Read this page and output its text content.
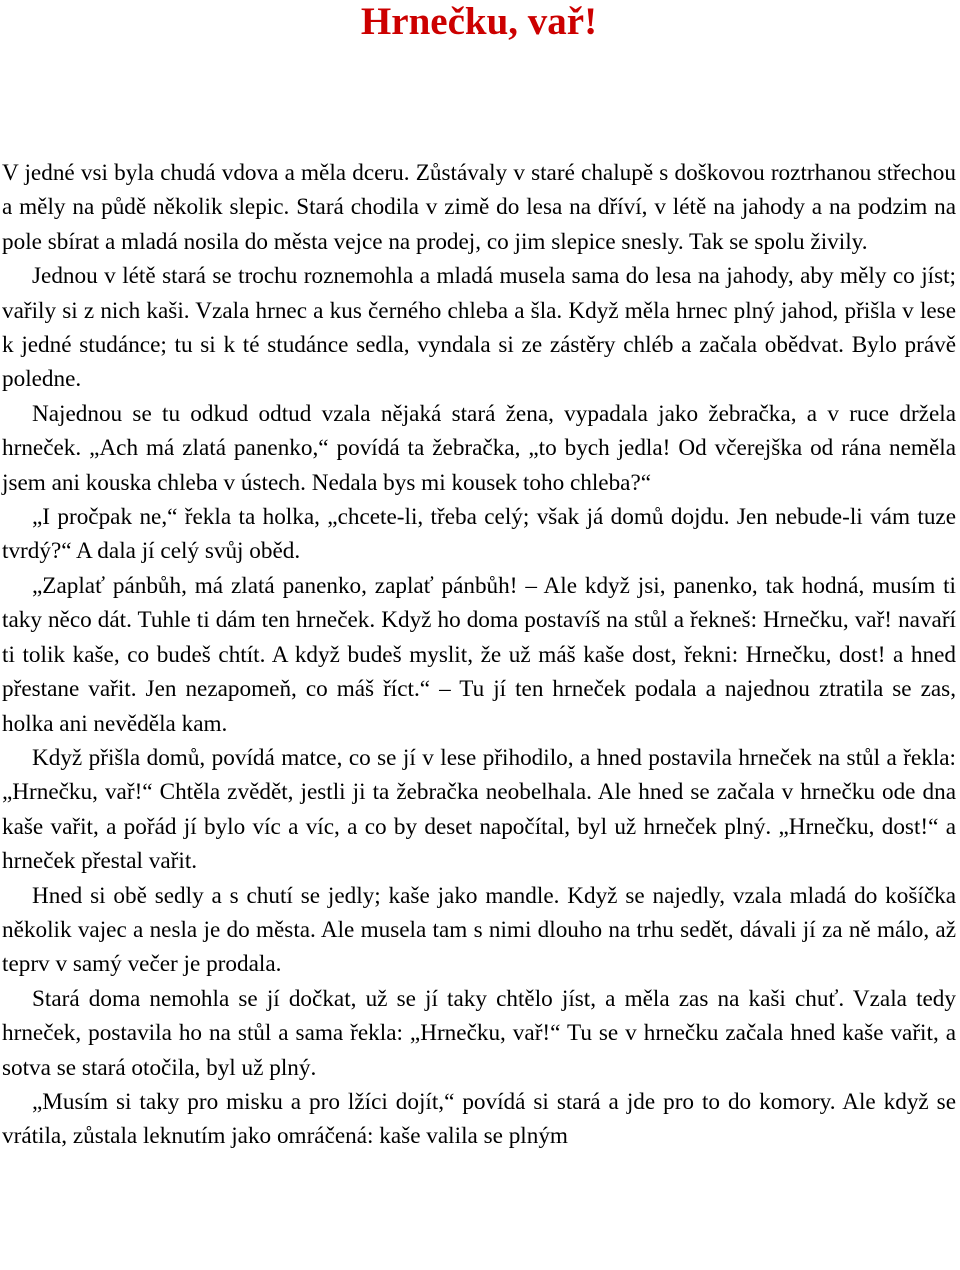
Hrnečku, vař!

V jedné vsi byla chudá vdova a měla dceru. Zůstávaly v staré chalupě s doškovou roztrhanou střechou a měly na půdě několik slepic. Stará chodila v zimě do lesa na dříví, v létě na jahody a na podzim na pole sbírat a mladá nosila do města vejce na prodej, co jim slepice snesly. Tak se spolu živily.

Jednou v létě stará se trochu roznemohla a mladá musela sama do lesa na jahody, aby měly co jíst; vařily si z nich kaši. Vzala hrnec a kus černého chleba a šla. Když měla hrnec plný jahod, přišla v lese k jedné studánce; tu si k té studánce sedla, vyndala si ze zástěry chléb a začala obědvat. Bylo právě poledne.

Najednou se tu odkud odtud vzala nějaká stará žena, vypadala jako žebračka, a v ruce držela hrneček. „Ach má zlatá panenko,“ povídá ta žebračka, „to bych jedla! Od včerejška od rána neměla jsem ani kouska chleba v ústech. Nedala bys mi kousek toho chleba?“

„I pročpak ne,“ řekla ta holka, „chcete-li, třeba celý; však já domů dojdu. Jen nebude-li vám tuze tvrdý?“ A dala jí celý svůj oběd.

„Zaplať pánbůh, má zlatá panenko, zaplať pánbůh! – Ale když jsi, panenko, tak hodná, musím ti taky něco dát. Tuhle ti dám ten hrneček. Když ho doma postavíš na stůl a řekneš: Hrnečku, vař! navaří ti tolik kaše, co budeš chtít. A když budeš myslit, že už máš kaše dost, řekni: Hrnečku, dost! a hned přestane vařit. Jen nezapomeň, co máš říct.“ – Tu jí ten hrneček podala a najednou ztratila se zas, holka ani nevěděla kam.

Když přišla domů, povídá matce, co se jí v lese přihodilo, a hned postavila hrneček na stůl a řekla: „Hrnečku, vař!“ Chtěla zvědět, jestli ji ta žebračka neobelhala. Ale hned se začala v hrnečku ode dna kaše vařit, a pořád jí bylo víc a víc, a co by deset napočítal, byl už hrneček plný. „Hrnečku, dost!“ a hrneček přestal vařit.

Hned si obě sedly a s chutí se jedly; kaše jako mandle. Když se najedly, vzala mladá do košíčka několik vajec a nesla je do města. Ale musela tam s nimi dlouho na trhu sedět, dávali jí za ně málo, až teprv v samý večer je prodala.

Stará doma nemohla se jí dočkat, už se jí taky chtělo jíst, a měla zas na kaši chuť. Vzala tedy hrneček, postavila ho na stůl a sama řekla: „Hrnečku, vař!“ Tu se v hrnečku začala hned kaše vařit, a sotva se stará otočila, byl už plný.

„Musím si taky pro misku a pro lžíci dojít,“ povídá si stará a jde pro to do komory. Ale když se vrátila, zůstala leknutím jako omráčená: kaše valila se plným
